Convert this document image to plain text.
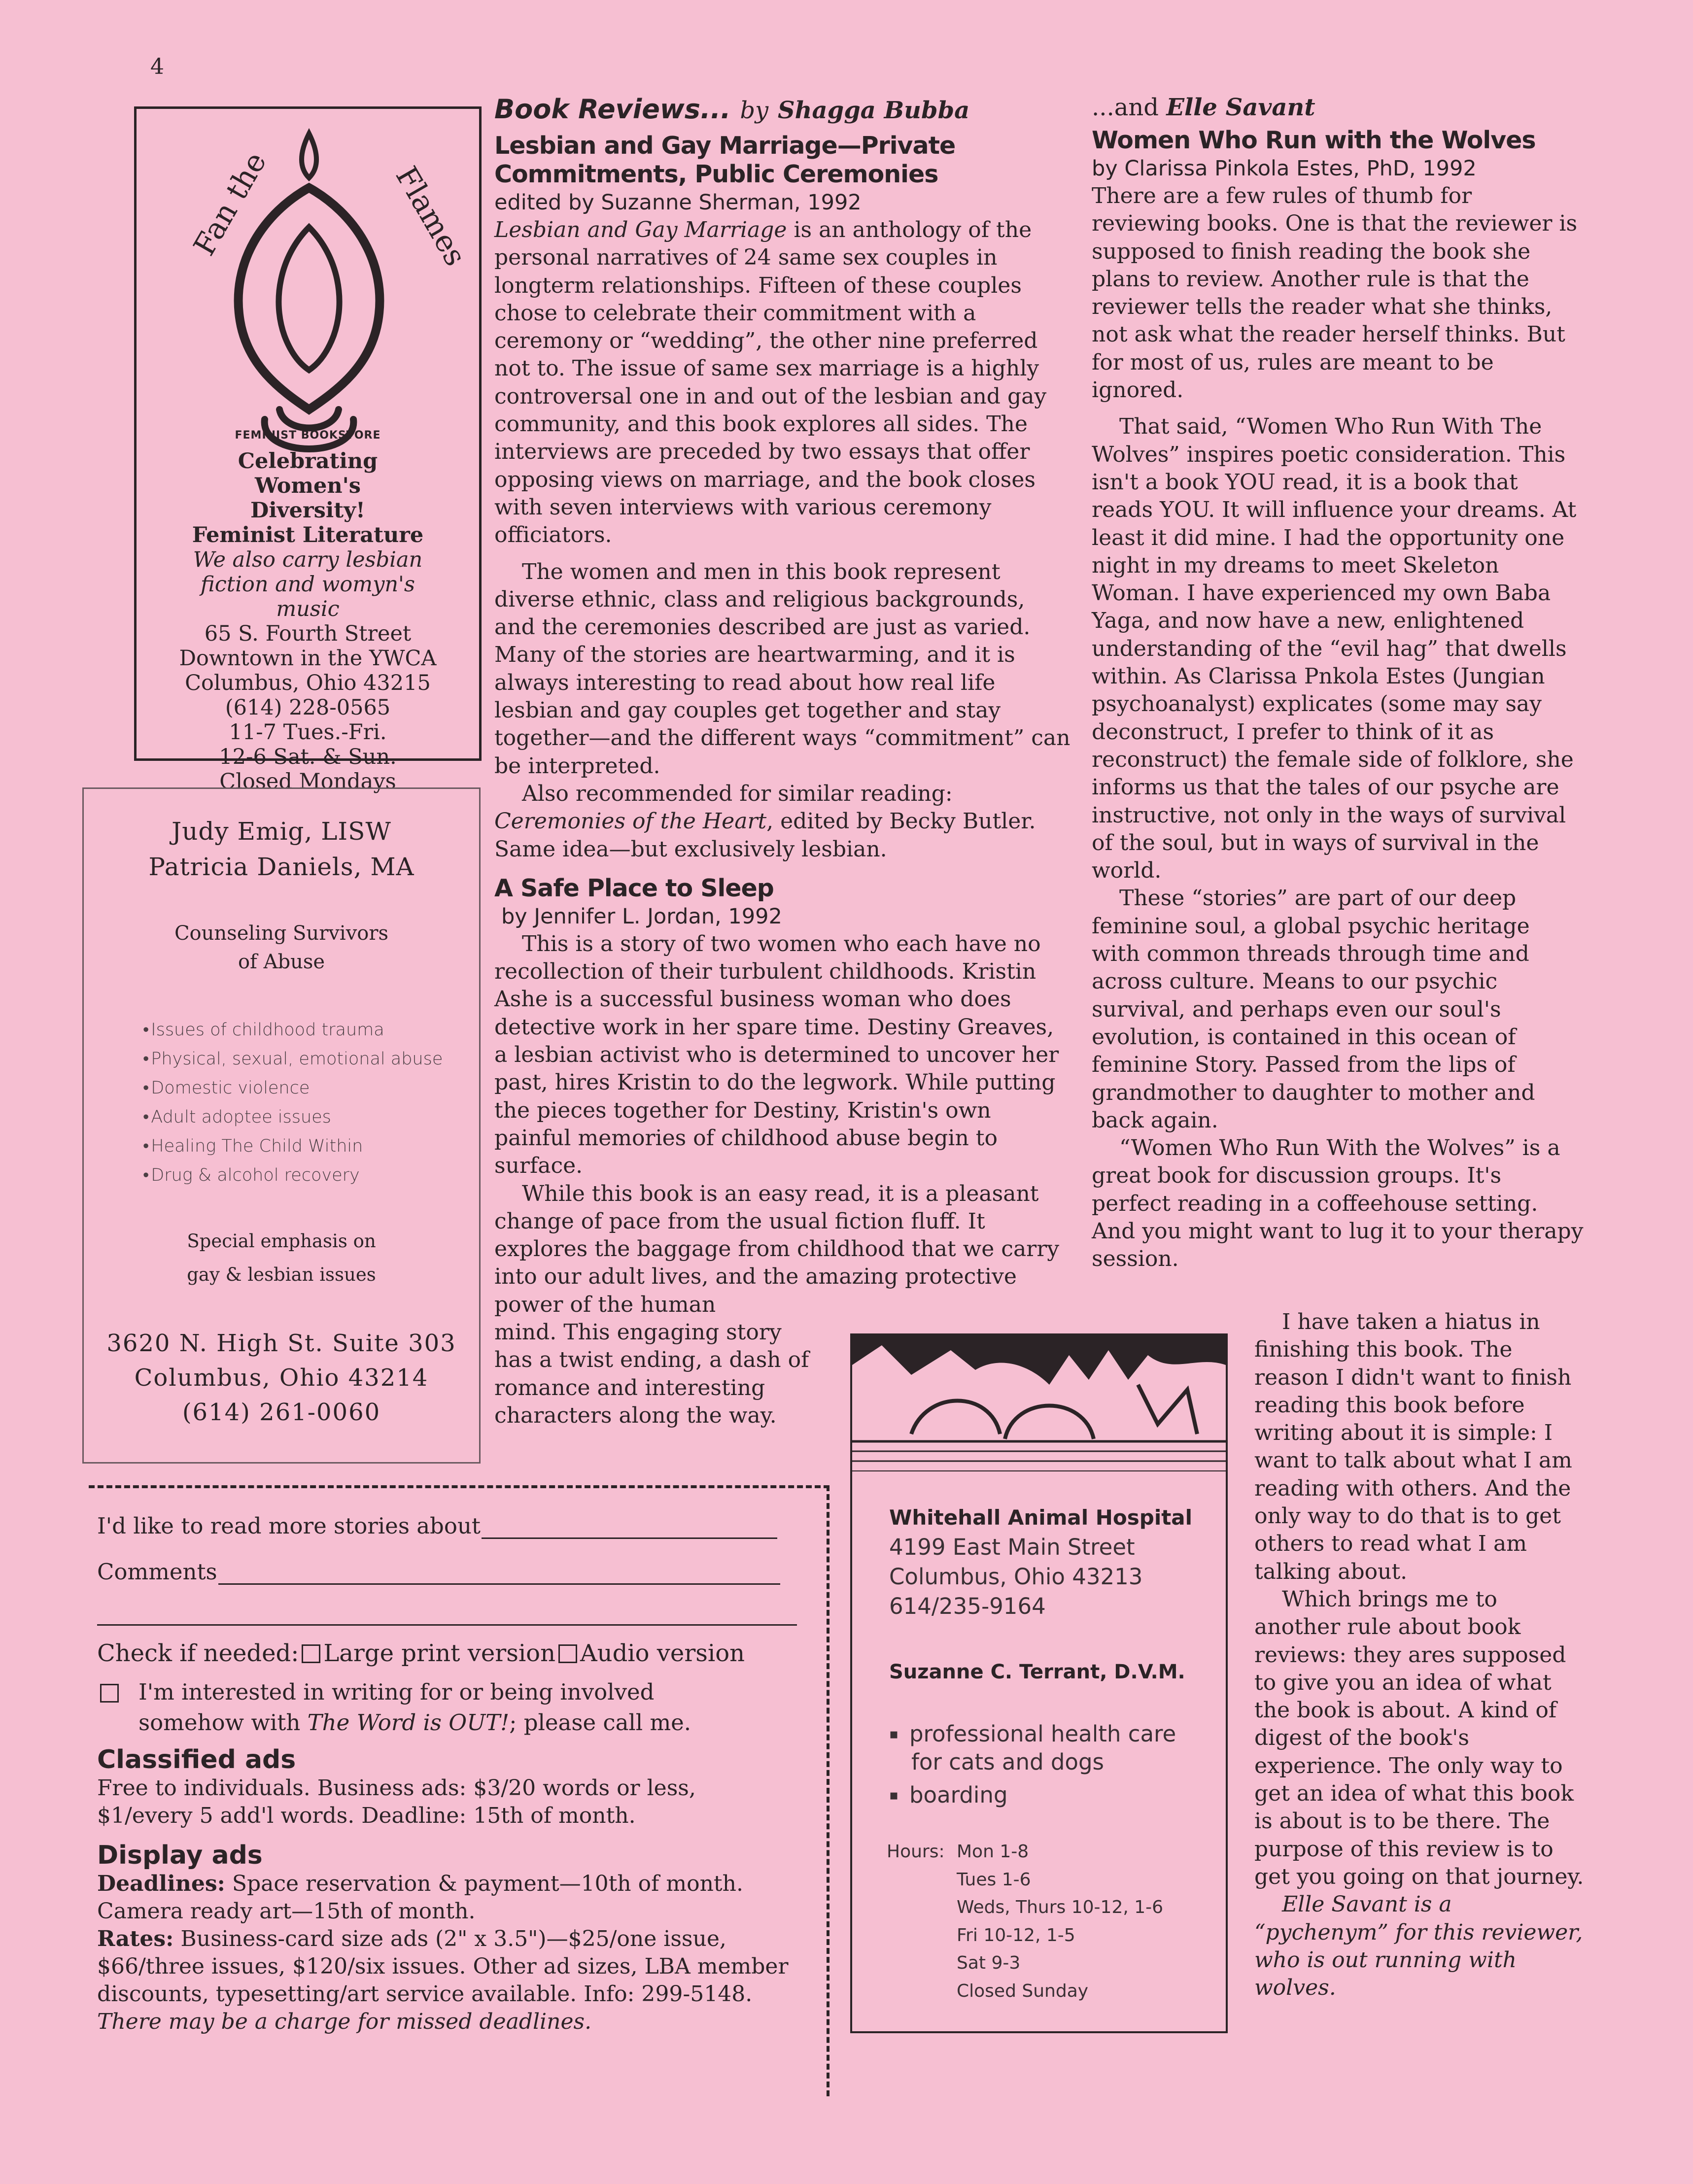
4
Fan the	Flames
FEMINIST BOOKSTORE
Celebrating Women's Diversity!
Feminist Literature
We also carry lesbian fiction and womyn's music
65 S. Fourth Street
Downtown in the YWCA
Columbus, Ohio 43215
(614) 228-0565
11-7 Tues.-Fri.
12-6 Sat. & Sun.
Closed Mondays
Judy Emig, LISW
Patricia Daniels, MA
Counseling Survivors
of Abuse
• Issues of childhood trauma
• Physical, sexual, emotional abuse
• Domestic violence
• Adult adoptee issues
• Healing The Child Within
• Drug & alcohol recovery
Special emphasis on
gay & lesbian issues
3620 N. High St. Suite 303
Columbus, Ohio 43214
(614) 261-0060
Book Reviews... by Shagga Bubba
Lesbian and Gay Marriage—Private Commitments, Public Ceremonies
edited by Suzanne Sherman, 1992

Lesbian and Gay Marriage is an anthology of the personal narratives of 24 same sex couples in longterm relationships. Fifteen of these couples chose to celebrate their commitment with a ceremony or “wedding”, the other nine preferred not to. The issue of same sex marriage is a highly controversal one in and out of the lesbian and gay community, and this book explores all sides. The interviews are preceded by two essays that offer opposing views on marriage, and the book closes with seven interviews with various ceremony officiators.

The women and men in this book represent diverse ethnic, class and religious backgrounds, and the ceremonies described are just as varied. Many of the stories are heartwarming, and it is always interesting to read about how real life lesbian and gay couples get together and stay together—and the different ways “commitment” can be interpreted.

Also recommended for similar reading: Ceremonies of the Heart, edited by Becky Butler. Same idea—but exclusively lesbian.

A Safe Place to Sleep
by Jennifer L. Jordan, 1992

This is a story of two women who each have no recollection of their turbulent childhoods. Kristin Ashe is a successful business woman who does detective work in her spare time. Destiny Greaves, a lesbian activist who is determined to uncover her past, hires Kristin to do the legwork. While putting the pieces together for Destiny, Kristin's own painful memories of childhood abuse begin to surface.

While this book is an easy read, it is a pleasant change of pace from the usual fiction fluff. It explores the baggage from childhood that we carry into our adult lives, and the amazing protective power of the human

mind. This engaging story has a twist ending, a dash of romance and interesting characters along the way.

...and Elle Savant
Women Who Run with the Wolves
by Clarissa Pinkola Estes, PhD, 1992

There are a few rules of thumb for reviewing books. One is that the reviewer is supposed to finish reading the book she plans to review. Another rule is that the reviewer tells the reader what she thinks, not ask what the reader herself thinks. But for most of us, rules are meant to be ignored.

That said, “Women Who Run With The Wolves” inspires poetic consideration. This isn't a book YOU read, it is a book that reads YOU. It will influence your dreams. At least it did mine. I had the opportunity one night in my dreams to meet Skeleton Woman. I have experienced my own Baba Yaga, and now have a new, enlightened understanding of the “evil hag” that dwells within. As Clarissa Pnkola Estes (Jungian psychoanalyst) explicates (some may say deconstruct, I prefer to think of it as reconstruct) the female side of folklore, she informs us that the tales of our psyche are instructive, not only in the ways of survival of the soul, but in ways of survival in the world.

These “stories” are part of our deep feminine soul, a global psychic heritage with common threads through time and across culture. Means to our psychic survival, and perhaps even our soul's evolution, is contained in this ocean of feminine Story. Passed from the lips of grandmother to daughter to mother and back again.

“Women Who Run With the Wolves” is a great book for discussion groups. It's perfect reading in a coffeehouse setting. And you might want to lug it to your therapy session.

I have taken a hiatus in finishing this book. The reason I didn't want to finish reading this book before writing about it is simple: I want to talk about what I am reading with others. And the only way to do that is to get others to read what I am talking about.

Which brings me to another rule about book reviews: they ares supposed to give you an idea of what the book is about. A kind of digest of the book's experience. The only way to get an idea of what this book is about is to be there. The purpose of this review is to get you going on that journey.

Elle Savant is a “pychenym” for this reviewer, who is out running with wolves.

I'd like to read more stories about
Comments
Check if needed: Large print version Audio version
I'm interested in writing for or being involved somehow with The Word is OUT!; please call me.
Classified ads
Free to individuals. Business ads: $3/20 words or less, $1/every 5 add'l words. Deadline: 15th of month.
Display ads
Deadlines: Space reservation & payment—10th of month. Camera ready art—15th of month.
Rates: Business-card size ads (2" x 3.5")—$25/one issue, $66/three issues, $120/six issues. Other ad sizes, LBA member discounts, typesetting/art service available. Info: 299-5148. There may be a charge for missed deadlines.
Whitehall Animal Hospital
4199 East Main Street
Columbus, Ohio 43213
614/235-9164
Suzanne C. Terrant, D.V.M.
▪ professional health care for cats and dogs
▪ boarding
Hours: Mon 1-8
Tues 1-6
Weds, Thurs 10-12, 1-6
Fri 10-12, 1-5
Sat 9-3
Closed Sunday
